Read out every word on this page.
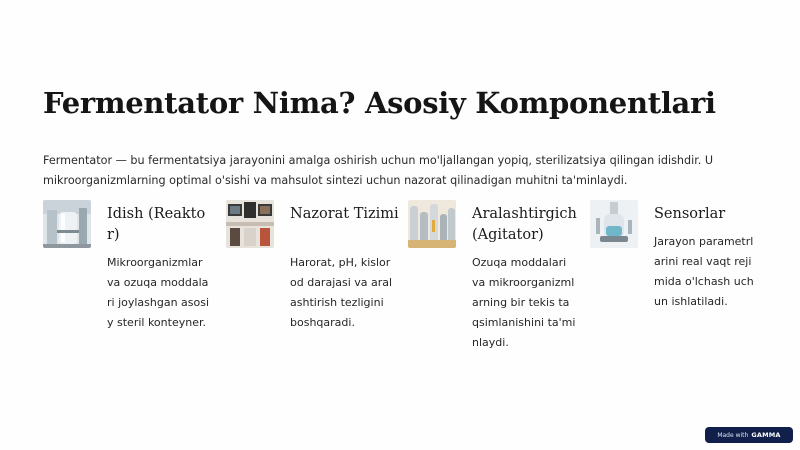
Fermentator Nima? Asosiy Komponentlari

Fermentator — bu fermentatsiya jarayonini amalga oshirish uchun mo'ljallangan yopiq, sterilizatsiya qilingan idishdir. U mikroorganizmlarning optimal o'sishi va mahsulot sintezi uchun nazorat qilinadigan muhitni ta'minlaydi.

Idish (Reaktor)
Mikroorganizmlar va ozuqa moddalari joylashgan asosiy steril konteyner.
Nazorat Tizimi
Harorat, pH, kislorod darajasi va aralashtirish tezligini boshqaradi.
Aralashtirgich (Agitator)
Ozuqa moddalari va mikroorganizmlarning bir tekis taqsimlanishini ta'minlaydi.
Sensorlar
Jarayon parametrlarini real vaqt rejimida o'lchash uchun ishlatiladi.
Made with GAMMA
